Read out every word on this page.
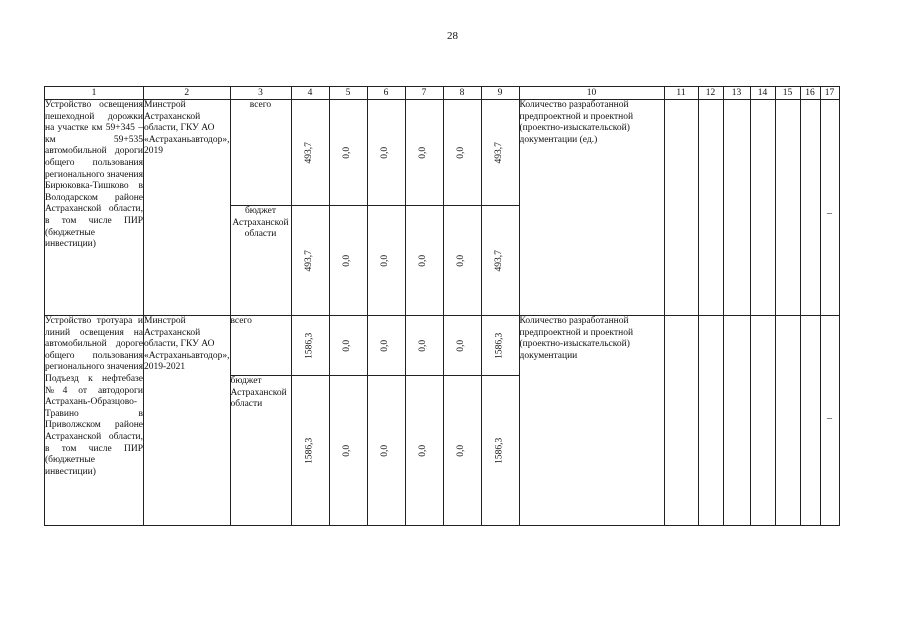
28
1	2	3	4	5	6	7	8	9	10	11	12	13	14	15	16	17
Устройство освещения пешеходной дорожки на участке км 59+345 – км 59+535 автомобильной дороги общего пользования регионального значения Бирюковка-Тишково в Володарском районе Астраханской области, в том числе ПИР (бюджетные инвестиции)	Минстрой Астраханской области, ГКУ АО «Астраханьавтодор», 2019	всего	493,7	0,0	0,0	0,0	0,0	493,7	Количество разработанной предпроектной и проектной (проектно-изыскательской) документации (ед.)							–

		бюджет Астраханской области	493,7	0,0	0,0	0,0	0,0	493,7								

Устройство тротуара и линий освещения на автомобильной дороге общего пользования регионального значения Подъезд к нефтебазе №4 от автодороги Астрахань-Образцово-Травино в Приволжском районе Астраханской области, в том числе ПИР (бюджетные инвестиции)	Минстрой Астраханской области, ГКУ АО «Астраханьавтодор», 2019-2021	всего	1586,3	0,0	0,0	0,0	0,0	1586,3	Количество разработанной предпроектной и проектной (проектно-изыскательской) документации							–

		бюджет Астраханской области	1586,3	0,0	0,0	0,0	0,0	1586,3								
